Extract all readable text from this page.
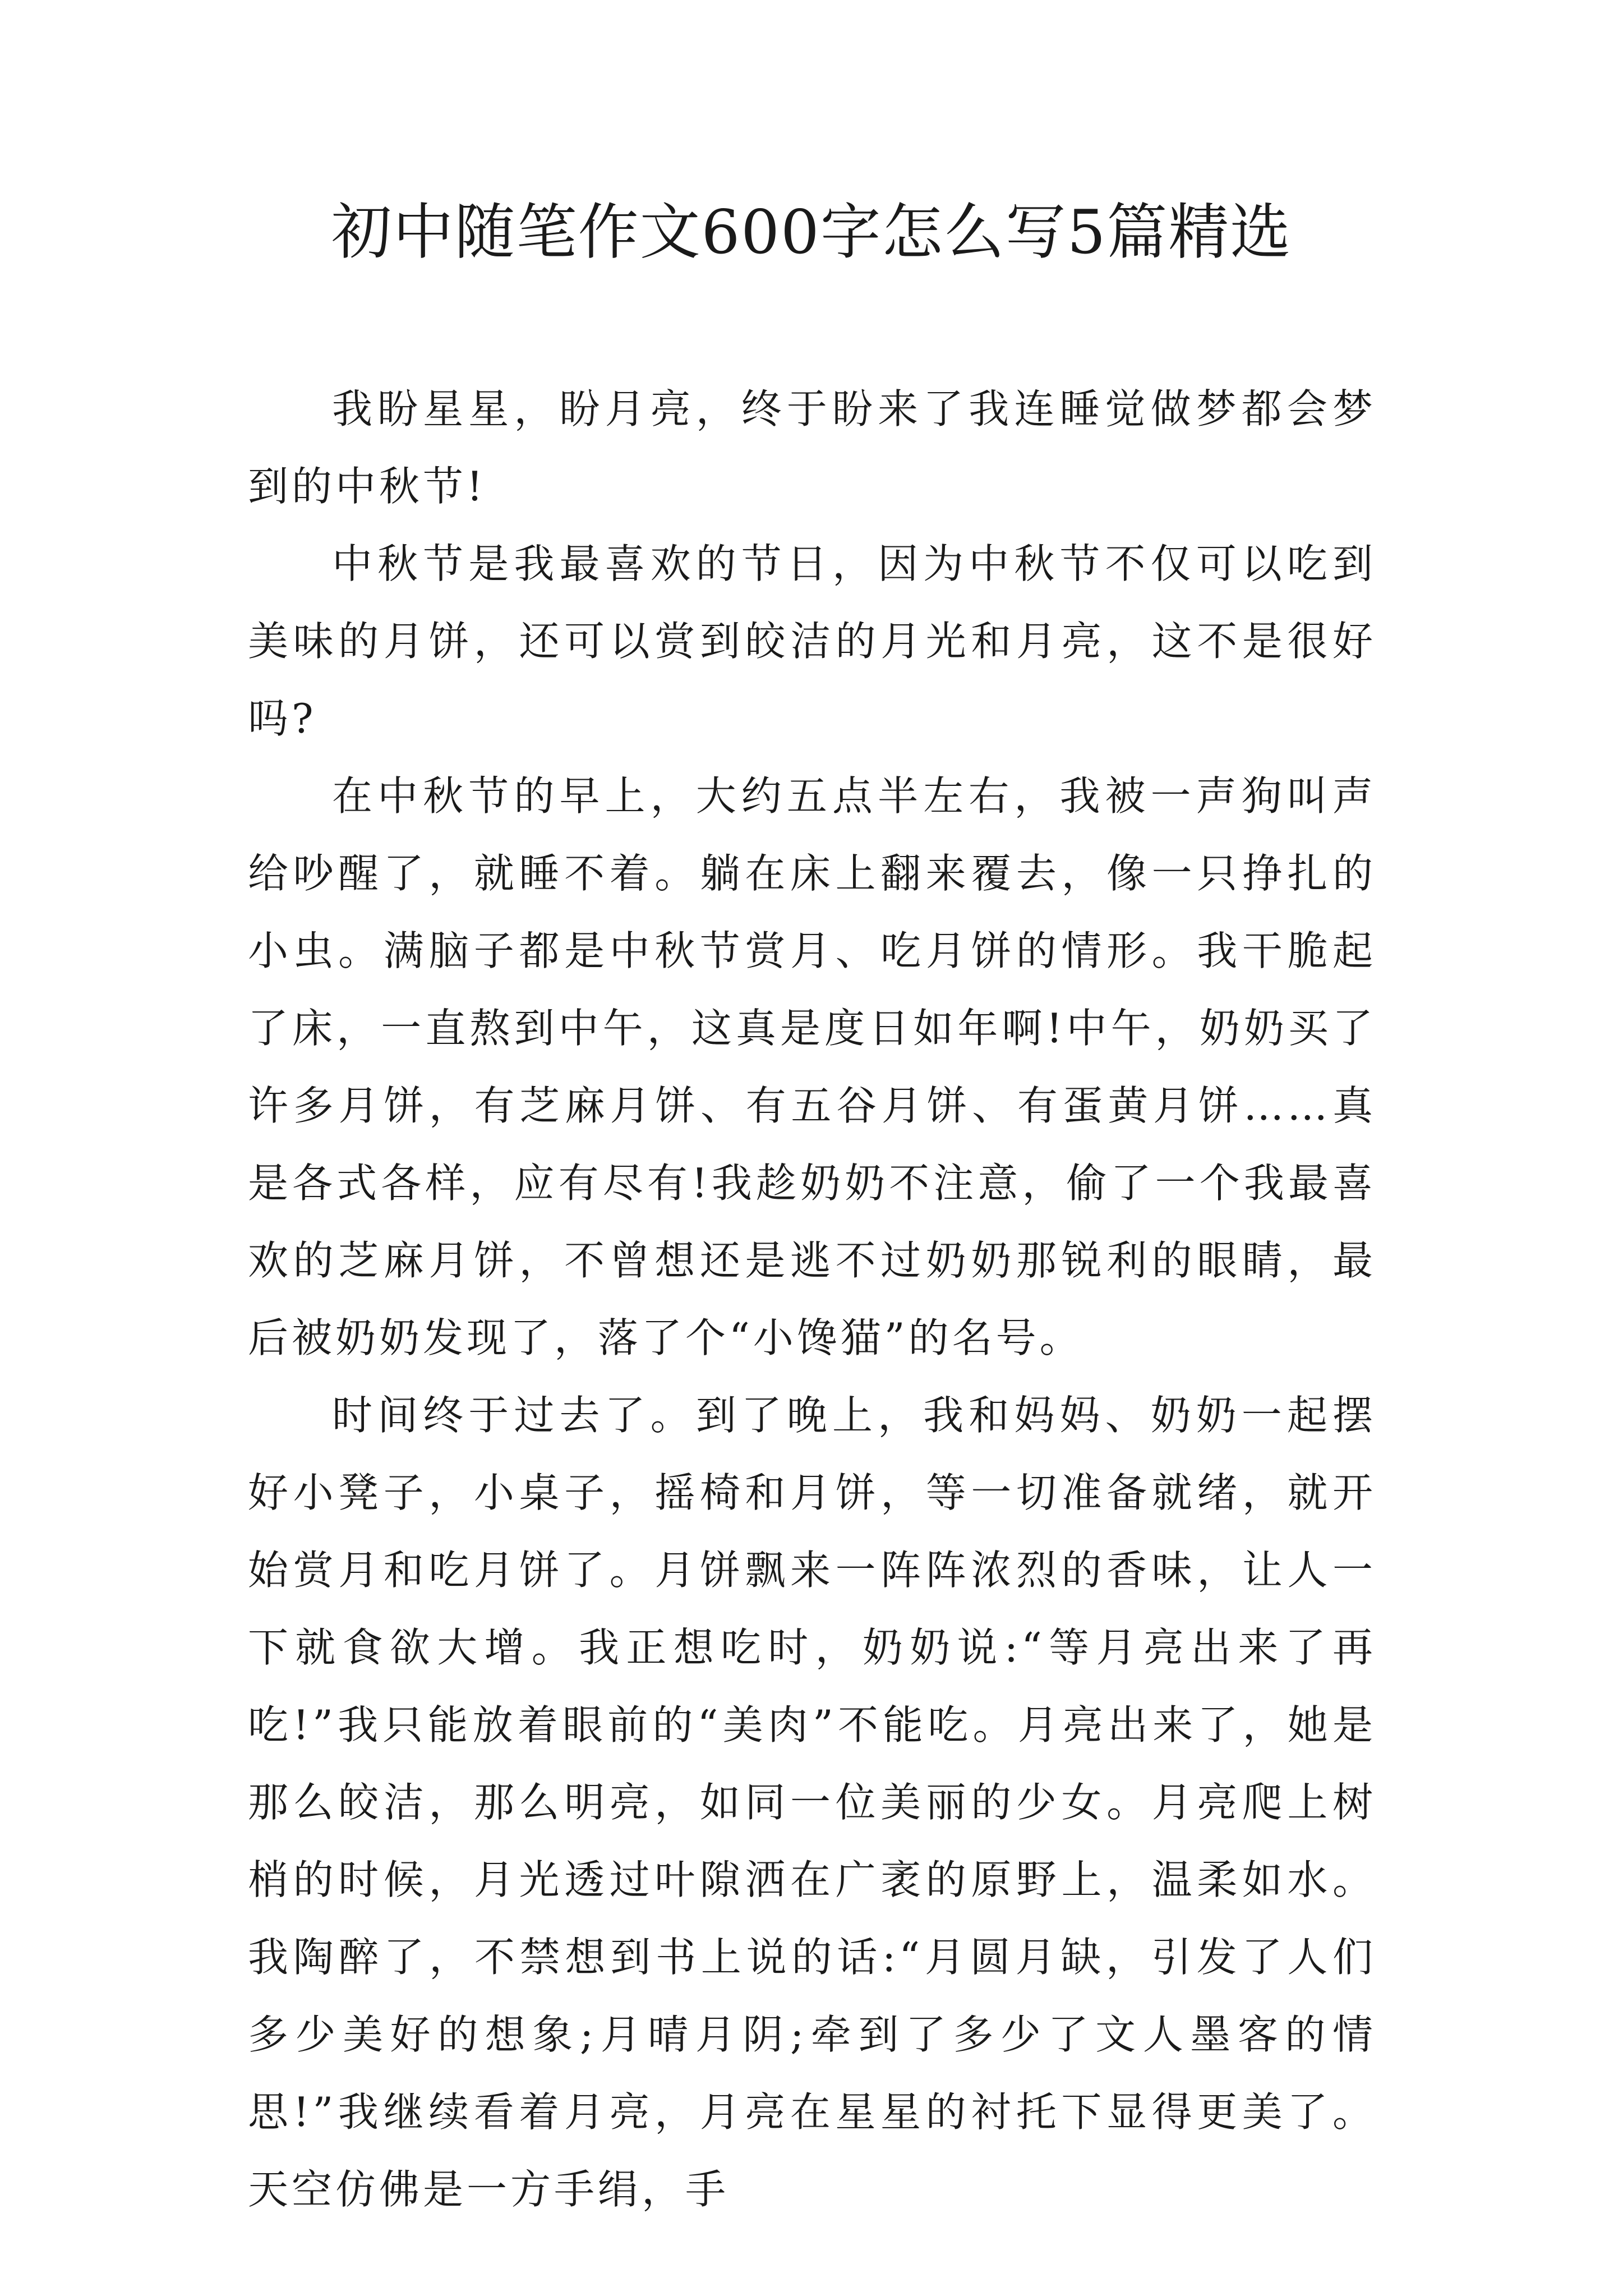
初中随笔作文600字怎么写5篇精选

我盼星星，盼月亮，终于盼来了我连睡觉做梦都会梦到的中秋节!

中秋节是我最喜欢的节日，因为中秋节不仅可以吃到美味的月饼，还可以赏到皎洁的月光和月亮，这不是很好吗?

在中秋节的早上，大约五点半左右，我被一声狗叫声给吵醒了，就睡不着。躺在床上翻来覆去，像一只挣扎的小虫。满脑子都是中秋节赏月、吃月饼的情形。我干脆起了床，一直熬到中午，这真是度日如年啊!中午，奶奶买了许多月饼，有芝麻月饼、有五谷月饼、有蛋黄月饼……真是各式各样，应有尽有!我趁奶奶不注意，偷了一个我最喜欢的芝麻月饼，不曾想还是逃不过奶奶那锐利的眼睛，最后被奶奶发现了，落了个“小馋猫”的名号。

时间终于过去了。到了晚上，我和妈妈、奶奶一起摆好小凳子，小桌子，摇椅和月饼，等一切准备就绪，就开始赏月和吃月饼了。月饼飘来一阵阵浓烈的香味，让人一下就食欲大增。我正想吃时，奶奶说:“等月亮出来了再吃!”我只能放着眼前的“美肉”不能吃。月亮出来了，她是那么皎洁，那么明亮，如同一位美丽的少女。月亮爬上树梢的时候，月光透过叶隙洒在广袤的原野上，温柔如水。我陶醉了，不禁想到书上说的话:“月圆月缺，引发了人们多少美好的想象;月晴月阴;牵到了多少了文人墨客的情思!”我继续看着月亮，月亮在星星的衬托下显得更美了。天空仿佛是一方手绢，手
